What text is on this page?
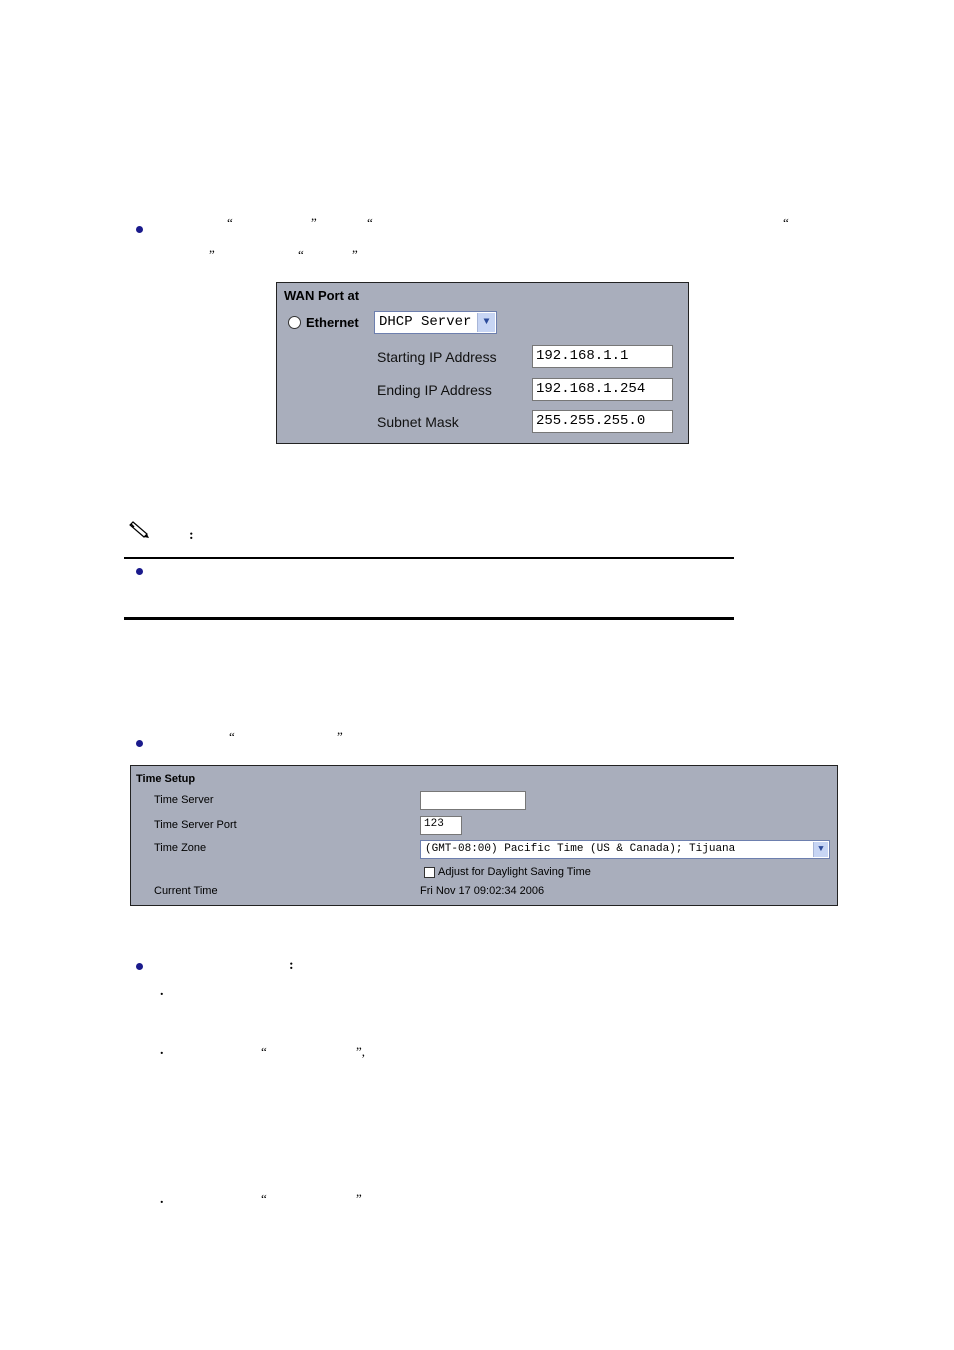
“	”	“	“
”	“	”
WAN Port at
Ethernet	DHCP Server	▼
Starting IP Address	192.168.1.1
Ending IP Address	192.168.1.254
Subnet Mask	255.255.255.0
:
“	”
Time Setup
Time Server
Time Server Port	123
Time Zone	(GMT-08:00) Pacific Time (US & Canada); Tijuana	▼
Adjust for Daylight Saving Time
Current Time	Fri Nov 17 09:02:34 2006
:
.
.	“	”,
.	“	”
